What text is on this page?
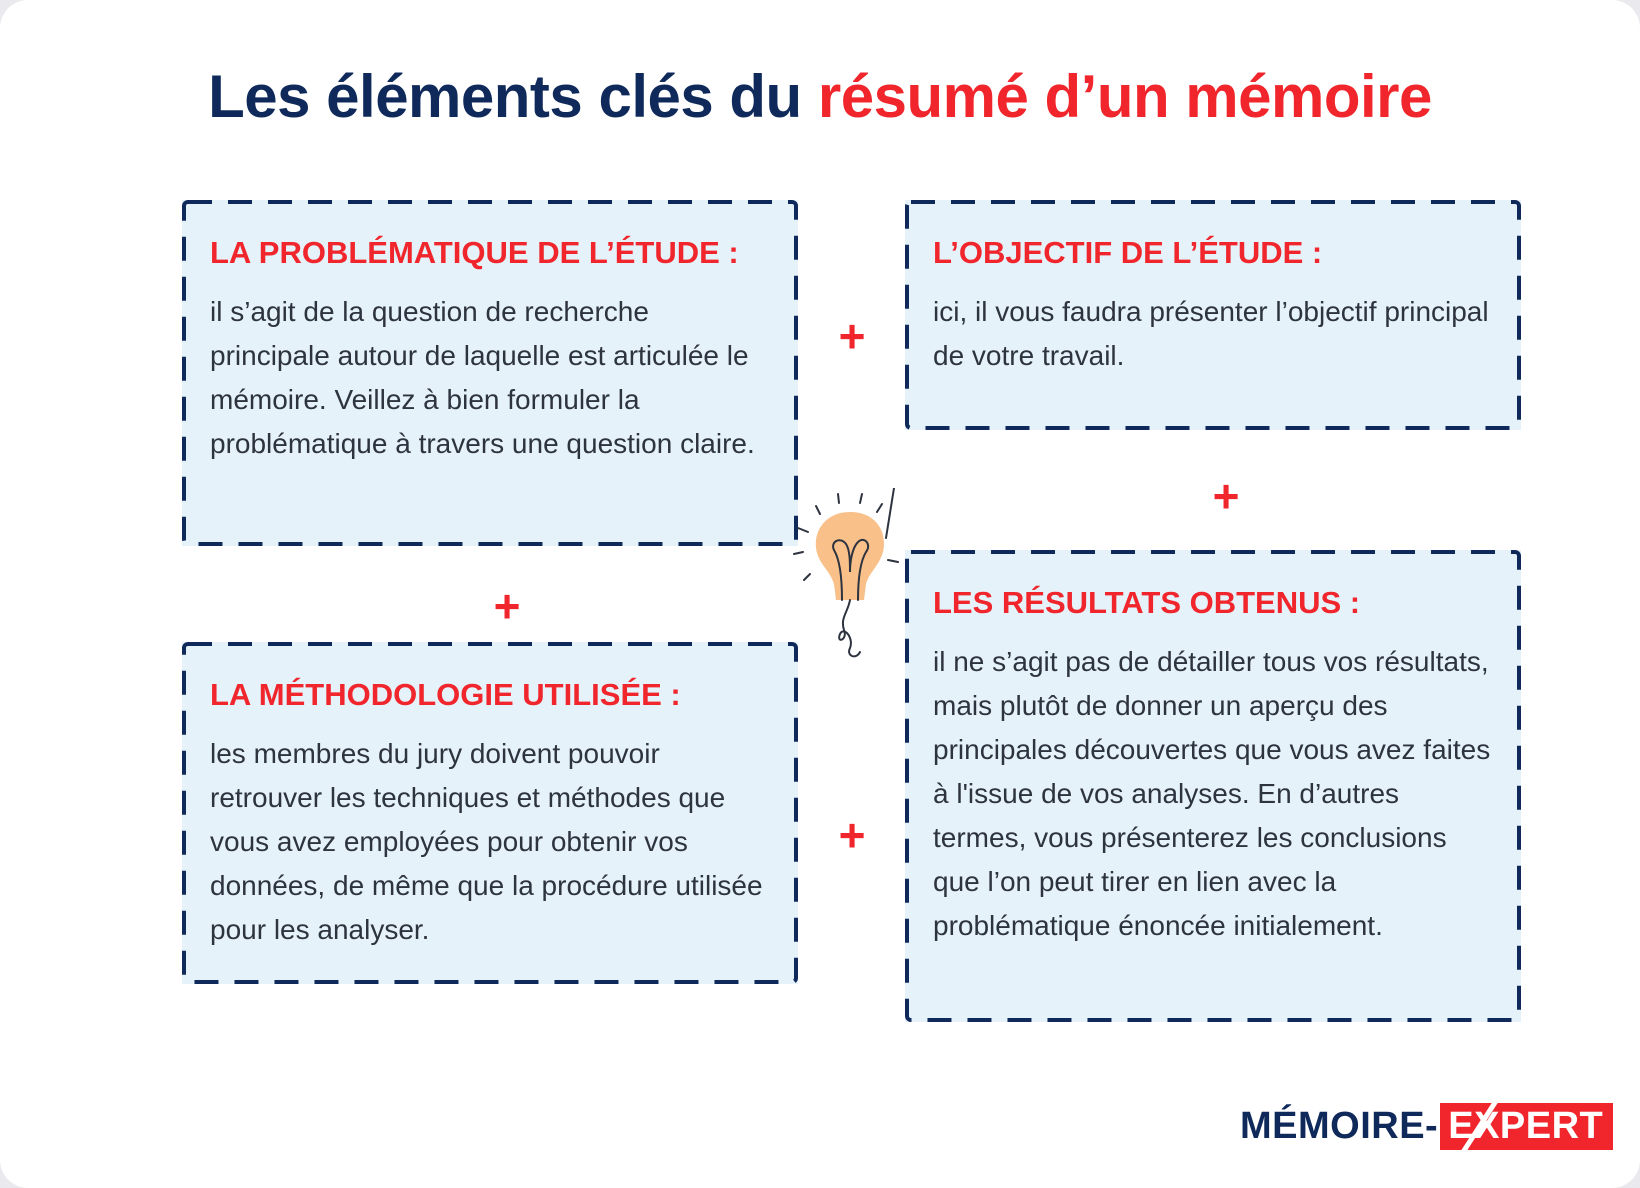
Les éléments clés du résumé d’un mémoire
LA PROBLÉMATIQUE DE L’ÉTUDE :

il s’agit de la question de recherche principale autour de laquelle est articulée le mémoire. Veillez à bien formuler la problématique à travers une question claire.

L’OBJECTIF DE L’ÉTUDE :

ici, il vous faudra présenter l’objectif principal de votre travail.

LA MÉTHODOLOGIE UTILISÉE :

les membres du jury doivent pouvoir retrouver les techniques et méthodes que vous avez employées pour obtenir vos données, de même que la procédure utilisée pour les analyser.

LES RÉSULTATS OBTENUS :

il ne s’agit pas de détailler tous vos résultats, mais plutôt de donner un aperçu des principales découvertes que vous avez faites à l'issue de vos analyses. En d’autres termes, vous présenterez les conclusions que l’on peut tirer en lien avec la problématique énoncée initialement.

+
+
+
+
MÉMOIRE- EXPERT
